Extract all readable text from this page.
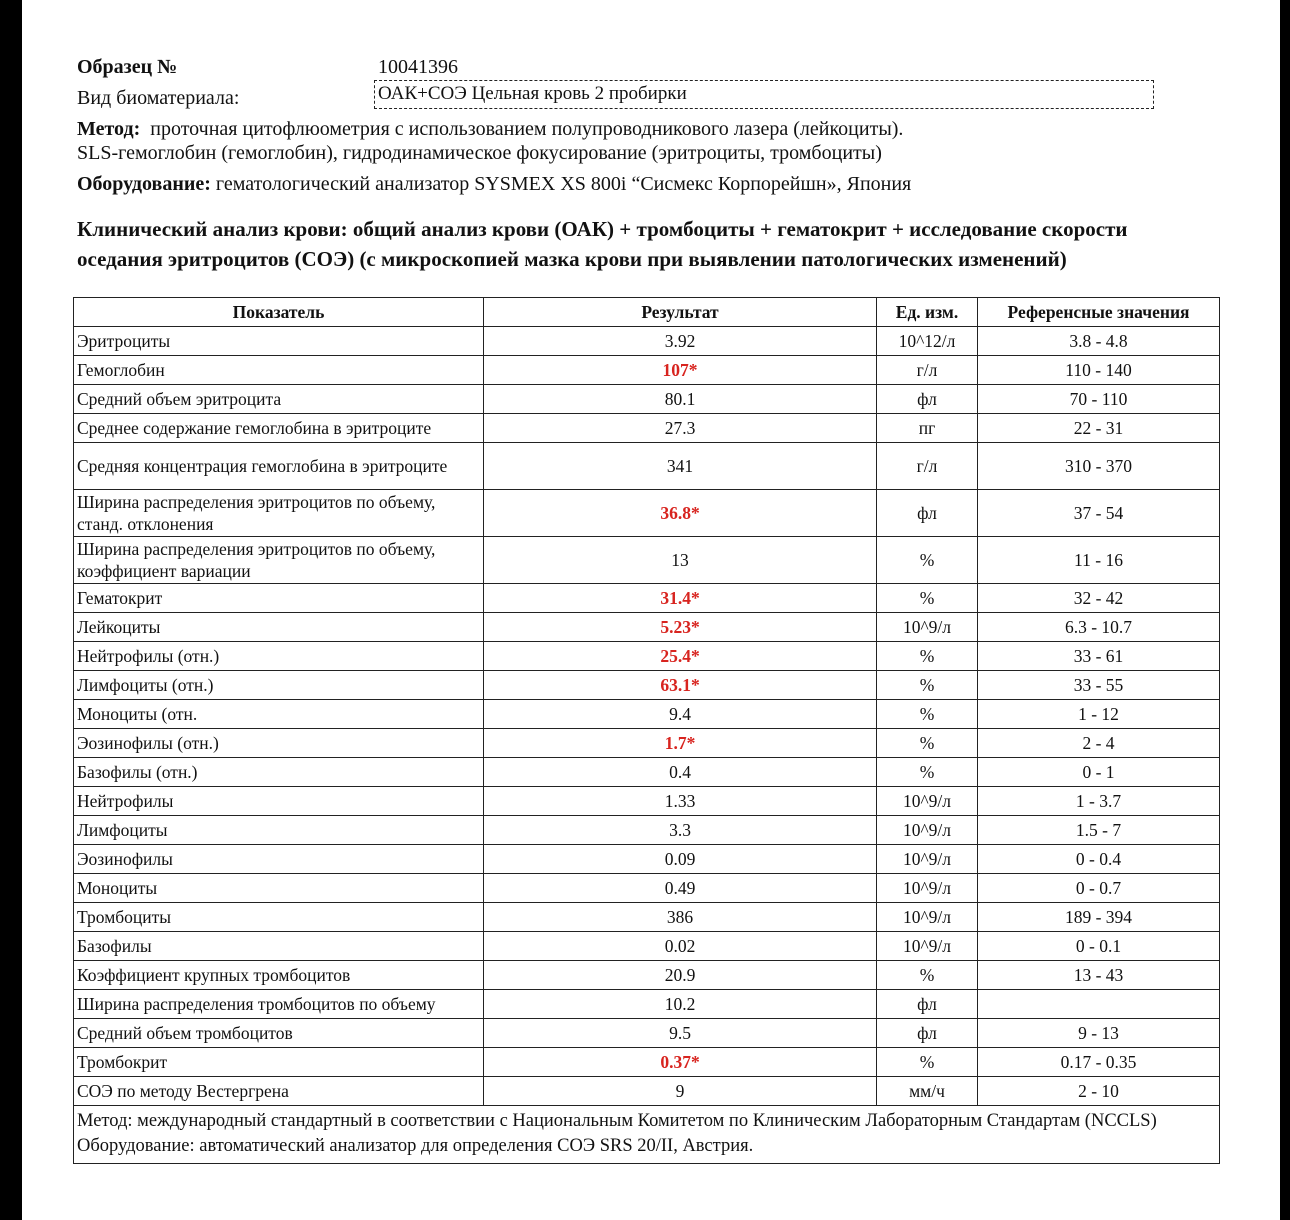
Образец №	10041396
Вид биоматериала:	ОАК+СОЭ Цельная кровь 2 пробирки
Метод: проточная цитофлюометрия с использованием полупроводникового лазера (лейкоциты).
SLS-гемоглобин (гемоглобин), гидродинамическое фокусирование (эритроциты, тромбоциты)
Оборудование: гематологический анализатор SYSMEX XS 800i “Сисмекс Корпорейшн», Япония
Клинический анализ крови: общий анализ крови (ОАК) + тромбоциты + гематокрит + исследование скорости оседания эритроцитов (СОЭ) (с микроскопией мазка крови при выявлении патологических изменений)
Показатель	Результат	Ед. изм.	Референсные значения
Эритроциты	3.92	10^12/л	3.8 - 4.8
Гемоглобин	107*	г/л	110 - 140
Средний объем эритроцита	80.1	фл	70 - 110
Среднее содержание гемоглобина в эритроците	27.3	пг	22 - 31
Средняя концентрация гемоглобина в эритроците	341	г/л	310 - 370
Ширина распределения эритроцитов по объему, станд. отклонения	36.8*	фл	37 - 54
Ширина распределения эритроцитов по объему, коэффициент вариации	13	%	11 - 16
Гематокрит	31.4*	%	32 - 42
Лейкоциты	5.23*	10^9/л	6.3 - 10.7
Нейтрофилы (отн.)	25.4*	%	33 - 61
Лимфоциты (отн.)	63.1*	%	33 - 55
Моноциты (отн.	9.4	%	1 - 12
Эозинофилы (отн.)	1.7*	%	2 - 4
Базофилы (отн.)	0.4	%	0 - 1
Нейтрофилы	1.33	10^9/л	1 - 3.7
Лимфоциты	3.3	10^9/л	1.5 - 7
Эозинофилы	0.09	10^9/л	0 - 0.4
Моноциты	0.49	10^9/л	0 - 0.7
Тромбоциты	386	10^9/л	189 - 394
Базофилы	0.02	10^9/л	0 - 0.1
Коэффициент крупных тромбоцитов	20.9	%	13 - 43
Ширина распределения тромбоцитов по объему	10.2	фл	
Средний объем тромбоцитов	9.5	фл	9 - 13
Тромбокрит	0.37*	%	0.17 - 0.35
СОЭ по методу Вестергрена	9	мм/ч	2 - 10

Метод: международный стандартный в соответствии с Национальным Комитетом по Клиническим Лабораторным Стандартам (NCCLS)
Оборудование: автоматический анализатор для определения СОЭ SRS 20/II, Австрия.			
